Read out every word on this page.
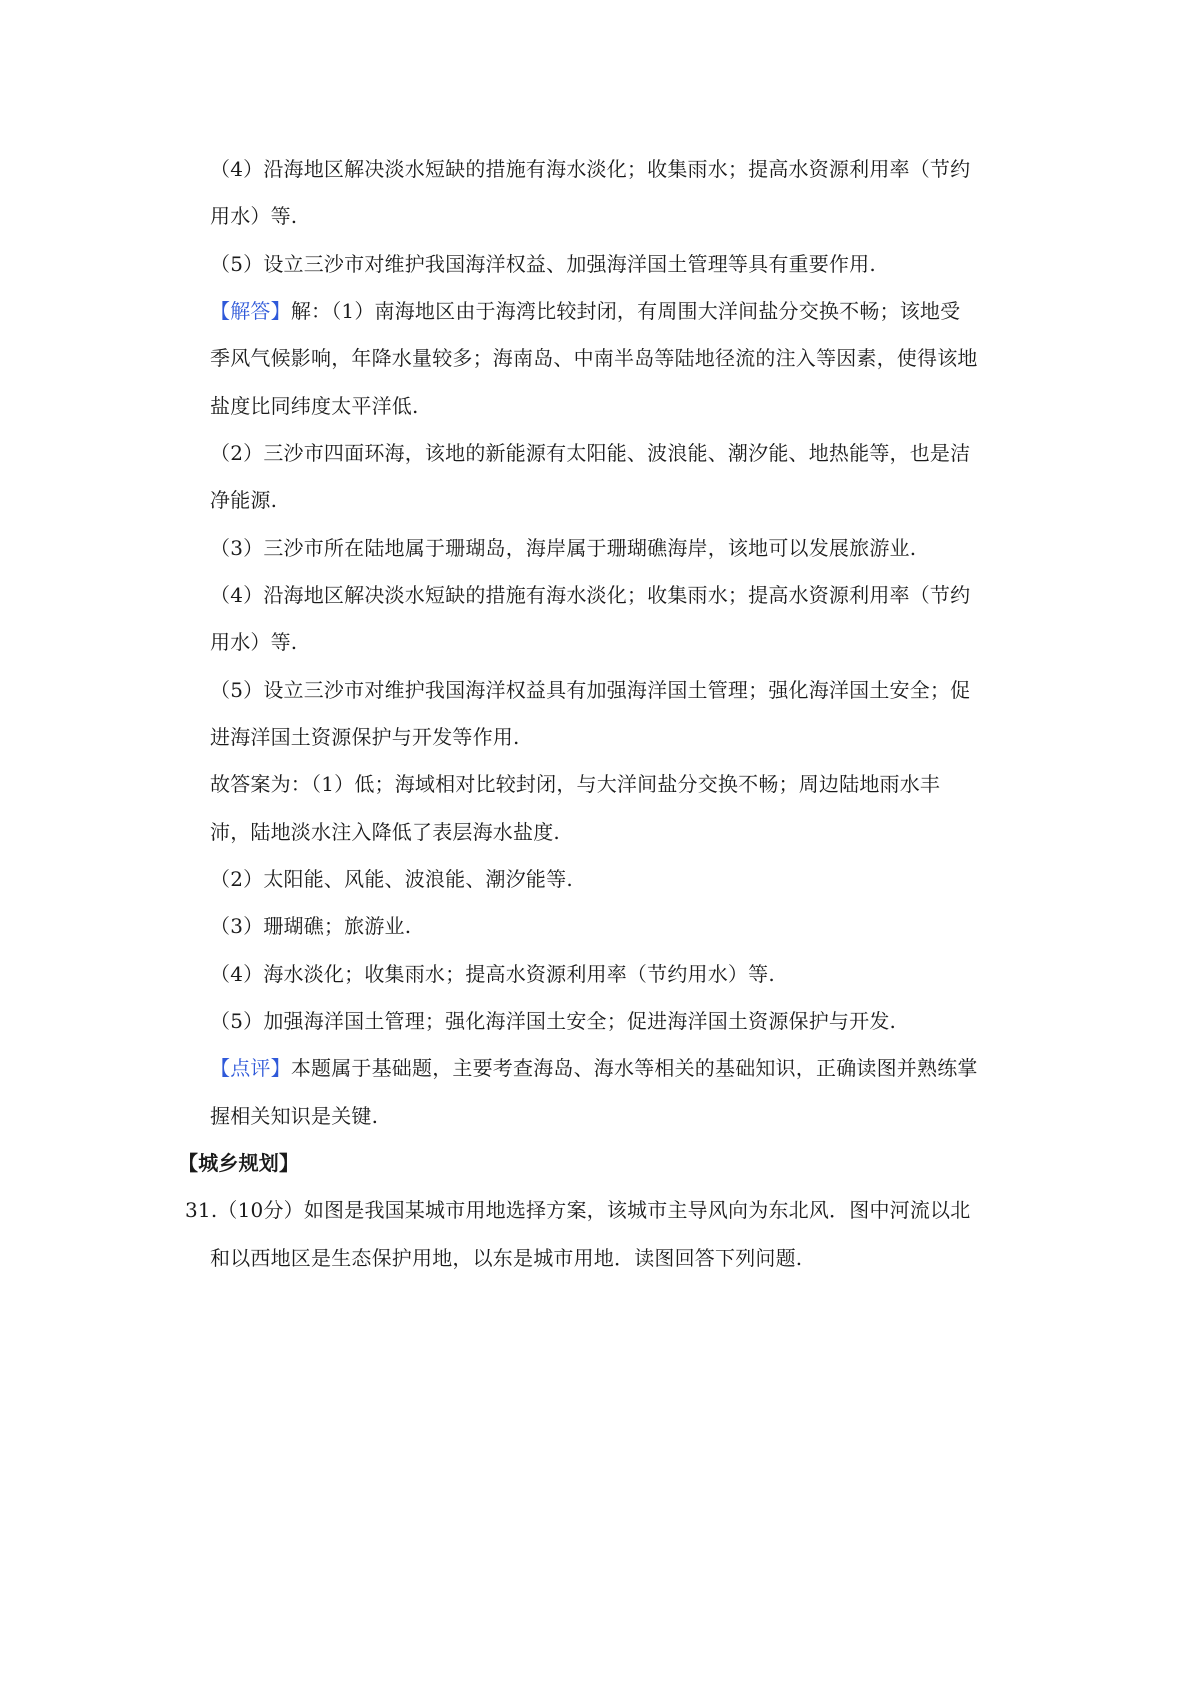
（4）沿海地区解决淡水短缺的措施有海水淡化；收集雨水；提高水资源利用率（节约
用水）等.
（5）设立三沙市对维护我国海洋权益、加强海洋国土管理等具有重要作用.
【解答】解：（1）南海地区由于海湾比较封闭，有周围大洋间盐分交换不畅；该地受
季风气候影响，年降水量较多；海南岛、中南半岛等陆地径流的注入等因素，使得该地
盐度比同纬度太平洋低.
（2）三沙市四面环海，该地的新能源有太阳能、波浪能、潮汐能、地热能等，也是洁
净能源.
（3）三沙市所在陆地属于珊瑚岛，海岸属于珊瑚礁海岸，该地可以发展旅游业.
（4）沿海地区解决淡水短缺的措施有海水淡化；收集雨水；提高水资源利用率（节约
用水）等.
（5）设立三沙市对维护我国海洋权益具有加强海洋国土管理；强化海洋国土安全；促
进海洋国土资源保护与开发等作用.
故答案为：（1）低；海域相对比较封闭，与大洋间盐分交换不畅；周边陆地雨水丰
沛，陆地淡水注入降低了表层海水盐度.
（2）太阳能、风能、波浪能、潮汐能等.
（3）珊瑚礁；旅游业.
（4）海水淡化；收集雨水；提高水资源利用率（节约用水）等.
（5）加强海洋国土管理；强化海洋国土安全；促进海洋国土资源保护与开发.
【点评】本题属于基础题，主要考查海岛、海水等相关的基础知识，正确读图并熟练掌
握相关知识是关键.
【城乡规划】
31.（10分）如图是我国某城市用地选择方案，该城市主导风向为东北风．图中河流以北
和以西地区是生态保护用地，以东是城市用地．读图回答下列问题.
